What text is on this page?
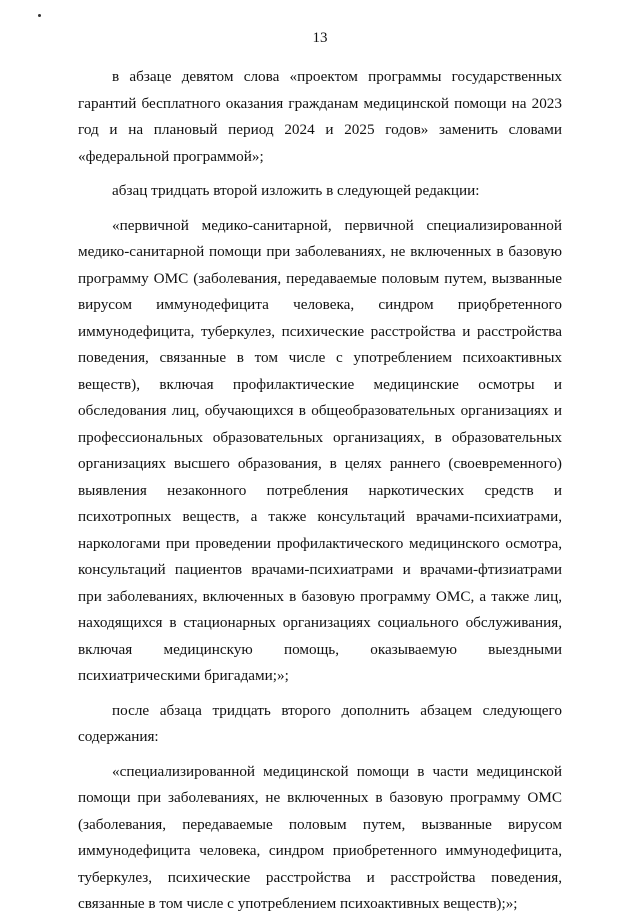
13

в абзаце девятом слова «проектом программы государственных гарантий бесплатного оказания гражданам медицинской помощи на 2023 год и на плановый период 2024 и 2025 годов» заменить словами «федеральной программой»;

абзац тридцать второй изложить в следующей редакции:

«первичной медико-санитарной, первичной специализированной медико-санитарной помощи при заболеваниях, не включенных в базовую программу ОМС (заболевания, передаваемые половым путем, вызванные вирусом иммунодефицита человека, синдром приобретенного иммунодефицита, туберкулез, психические расстройства и расстройства поведения, связанные в том числе с употреблением психоактивных веществ), включая профилактические медицинские осмотры и обследования лиц, обучающихся в общеобразовательных организациях и профессиональных образовательных организациях, в образовательных организациях высшего образования, в целях раннего (своевременного) выявления незаконного потребления наркотических средств и психотропных веществ, а также консультаций врачами-психиатрами, наркологами при проведении профилактического медицинского осмотра, консультаций пациентов врачами-психиатрами и врачами-фтизиатрами при заболеваниях, включенных в базовую программу ОМС, а также лиц, находящихся в стационарных организациях социального обслуживания, включая медицинскую помощь, оказываемую выездными психиатрическими бригадами;»;

после абзаца тридцать второго дополнить абзацем следующего содержания:

«специализированной медицинской помощи в части медицинской помощи при заболеваниях, не включенных в базовую программу ОМС (заболевания, передаваемые половым путем, вызванные вирусом иммунодефицита человека, синдром приобретенного иммунодефицита, туберкулез, психические расстройства и расстройства поведения, связанные в том числе с употреблением психоактивных веществ);»;
